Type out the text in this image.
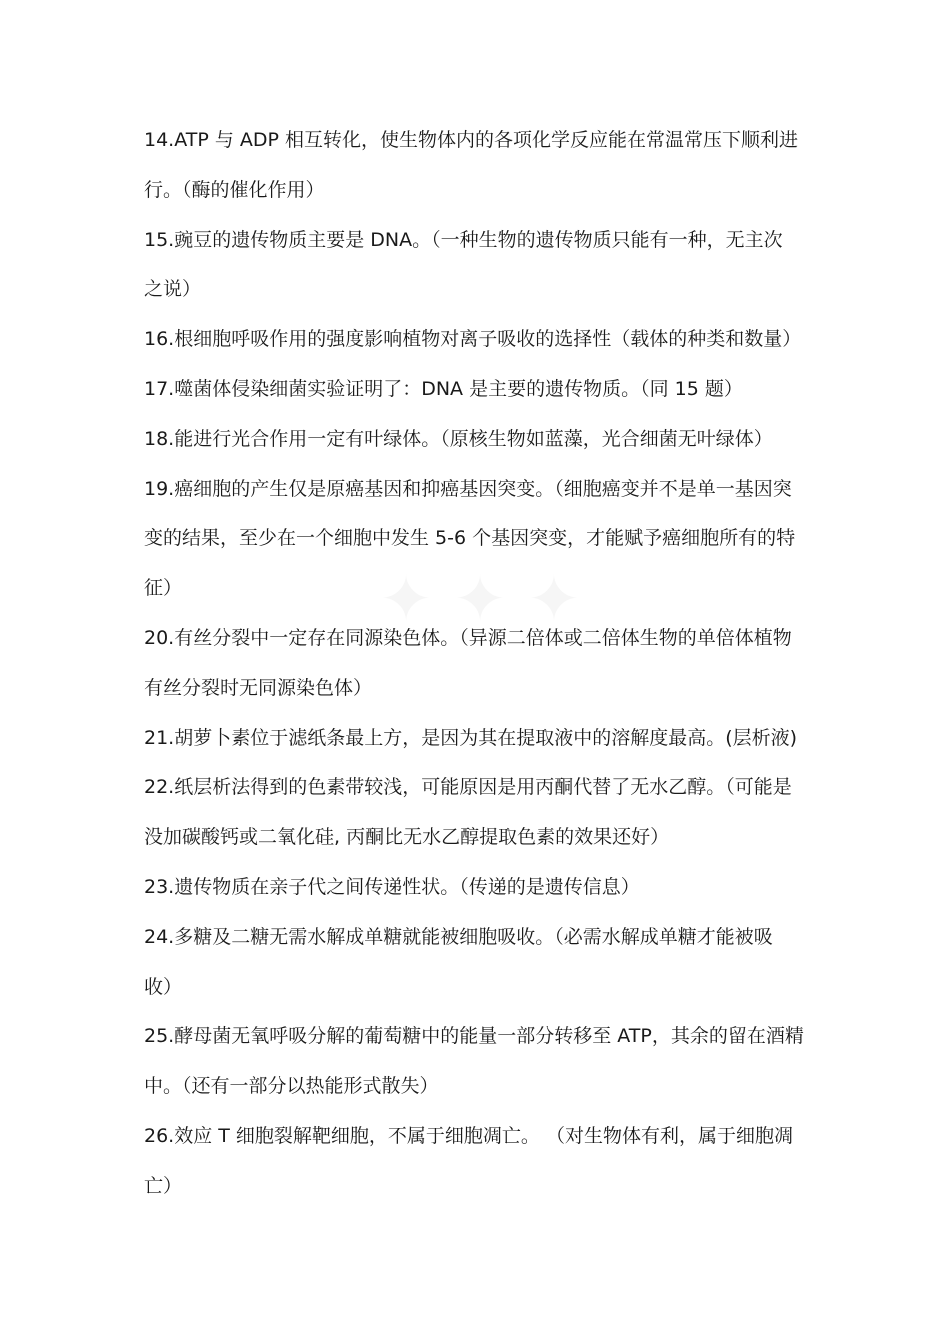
14.ATP 与 ADP 相互转化，使生物体内的各项化学反应能在常温常压下顺利进
行。（酶的催化作用）
15.豌豆的遗传物质主要是 DNA。（一种生物的遗传物质只能有一种，无主次
之说）
16.根细胞呼吸作用的强度影响植物对离子吸收的选择性（载体的种类和数量）
17.噬菌体侵染细菌实验证明了：DNA 是主要的遗传物质。（同 15 题）
18.能进行光合作用一定有叶绿体。（原核生物如蓝藻，光合细菌无叶绿体）
19.癌细胞的产生仅是原癌基因和抑癌基因突变。（细胞癌变并不是单一基因突
变的结果，至少在一个细胞中发生 5-6 个基因突变，才能赋予癌细胞所有的特
征）
20.有丝分裂中一定存在同源染色体。（异源二倍体或二倍体生物的单倍体植物
有丝分裂时无同源染色体）
21.胡萝卜素位于滤纸条最上方，是因为其在提取液中的溶解度最高。(层析液)
22.纸层析法得到的色素带较浅，可能原因是用丙酮代替了无水乙醇。（可能是
没加碳酸钙或二氧化硅, 丙酮比无水乙醇提取色素的效果还好）
23.遗传物质在亲子代之间传递性状。（传递的是遗传信息）
24.多糖及二糖无需水解成单糖就能被细胞吸收。（必需水解成单糖才能被吸
收）
25.酵母菌无氧呼吸分解的葡萄糖中的能量一部分转移至 ATP，其余的留在酒精
中。（还有一部分以热能形式散失）
26.效应 T 细胞裂解靶细胞，不属于细胞凋亡。 （对生物体有利，属于细胞凋
亡）
